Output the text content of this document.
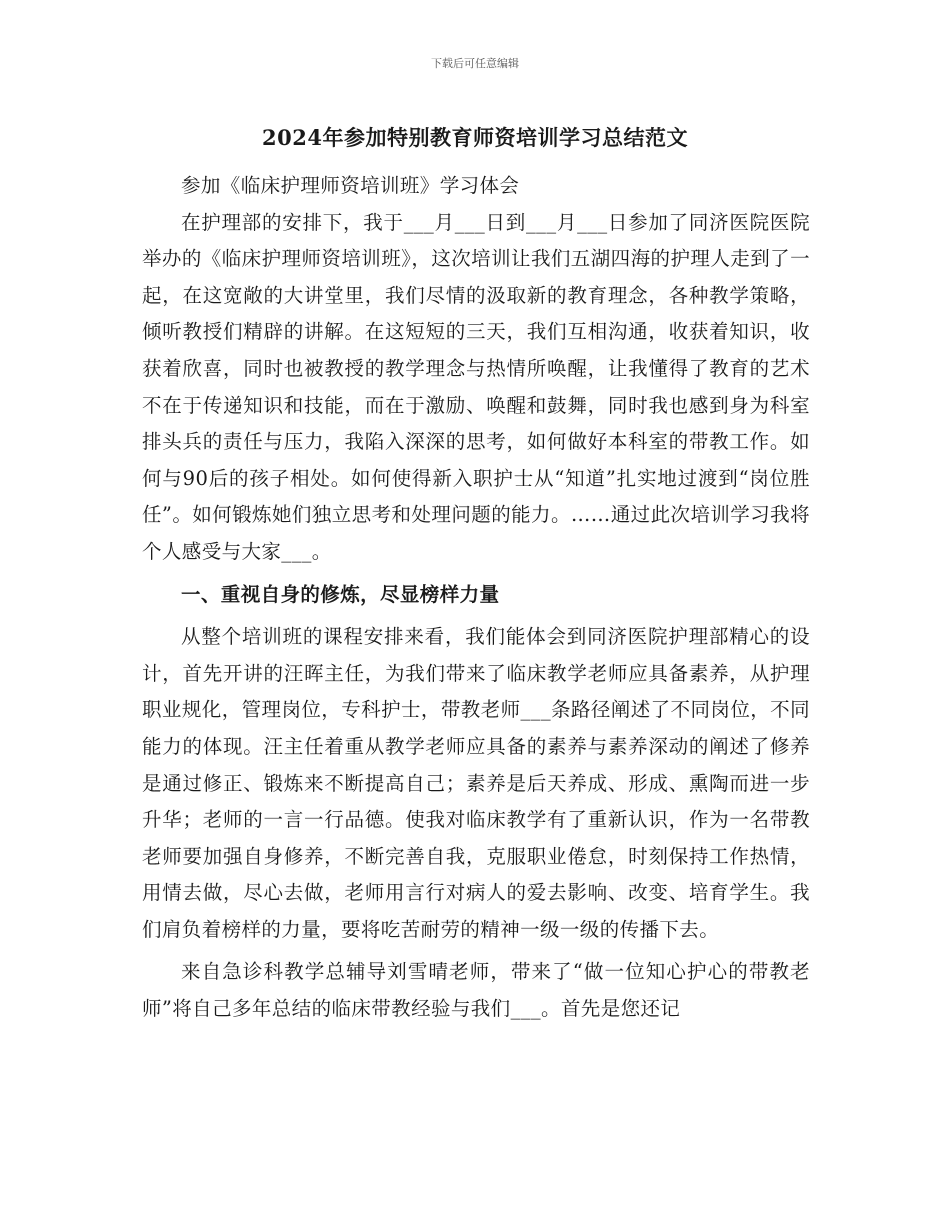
下载后可任意编辑
2024年参加特别教育师资培训学习总结范文

参加《临床护理师资培训班》学习体会

在护理部的安排下，我于___月___日到___月___日参加了同济医院医院举办的《临床护理师资培训班》，这次培训让我们五湖四海的护理人走到了一起，在这宽敞的大讲堂里，我们尽情的汲取新的教育理念，各种教学策略，倾听教授们精辟的讲解。在这短短的三天，我们互相沟通，收获着知识，收获着欣喜，同时也被教授的教学理念与热情所唤醒，让我懂得了教育的艺术不在于传递知识和技能，而在于激励、唤醒和鼓舞，同时我也感到身为科室排头兵的责任与压力，我陷入深深的思考，如何做好本科室的带教工作。如何与90后的孩子相处。如何使得新入职护士从“知道”扎实地过渡到“岗位胜任”。如何锻炼她们独立思考和处理问题的能力。……通过此次培训学习我将个人感受与大家___。

一、重视自身的修炼，尽显榜样力量

从整个培训班的课程安排来看，我们能体会到同济医院护理部精心的设计，首先开讲的汪晖主任，为我们带来了临床教学老师应具备素养，从护理职业规化，管理岗位，专科护士，带教老师___条路径阐述了不同岗位，不同能力的体现。汪主任着重从教学老师应具备的素养与素养深动的阐述了修养是通过修正、锻炼来不断提高自己；素养是后天养成、形成、熏陶而进一步升华；老师的一言一行品德。使我对临床教学有了重新认识，作为一名带教老师要加强自身修养，不断完善自我，克服职业倦怠，时刻保持工作热情，用情去做，尽心去做，老师用言行对病人的爱去影响、改变、培育学生。我们肩负着榜样的力量，要将吃苦耐劳的精神一级一级的传播下去。

来自急诊科教学总辅导刘雪晴老师，带来了“做一位知心护心的带教老师”将自己多年总结的临床带教经验与我们___。首先是您还记
